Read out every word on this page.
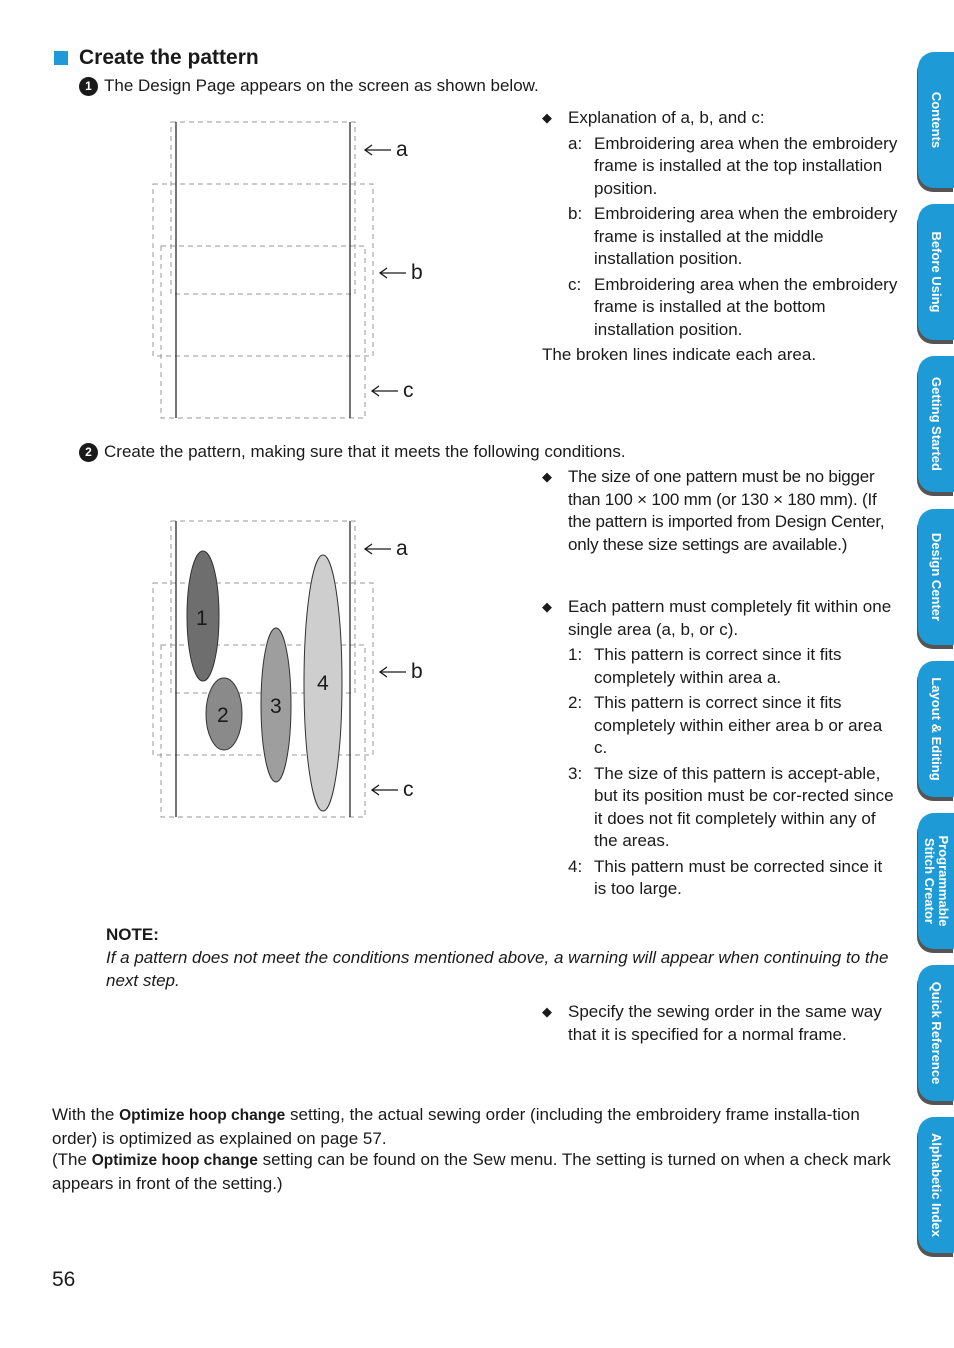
Create the pattern
1 The Design Page appears on the screen as shown below.
a
b
c
◆ Explanation of a, b, and c:
a: Embroidering area when the embroidery frame is installed at the top installation position.
b: Embroidering area when the embroidery frame is installed at the middle installation position.
c: Embroidering area when the embroidery frame is installed at the bottom installation position.
The broken lines indicate each area.
2 Create the pattern, making sure that it meets the following conditions.
1
2 3
4
a
b
c
◆ The size of one pattern must be no bigger than 100 × 100 mm (or 130 × 180 mm). (If the pattern is imported from Design Center, only these size settings are available.)
◆ Each pattern must completely fit within one single area (a, b, or c).
1: This pattern is correct since it fits completely within area a.
2: This pattern is correct since it fits completely within either area b or area c.
3: The size of this pattern is accept-able, but its position must be cor-rected since it does not fit completely within any of the areas.
4: This pattern must be corrected since it is too large.
NOTE:
If a pattern does not meet the conditions mentioned above, a warning will appear when continuing to the next step.
◆ Specify the sewing order in the same way that it is specified for a normal frame.
With the Optimize hoop change setting, the actual sewing order (including the embroidery frame installa-tion order) is optimized as explained on page 57.
(The Optimize hoop change setting can be found on the Sew menu. The setting is turned on when a check mark appears in front of the setting.)
56
Contents
Before Using
Getting Started
Design Center
Layout & Editing
Programmable
Stitch Creator
Quick Reference
Alphabetic Index
